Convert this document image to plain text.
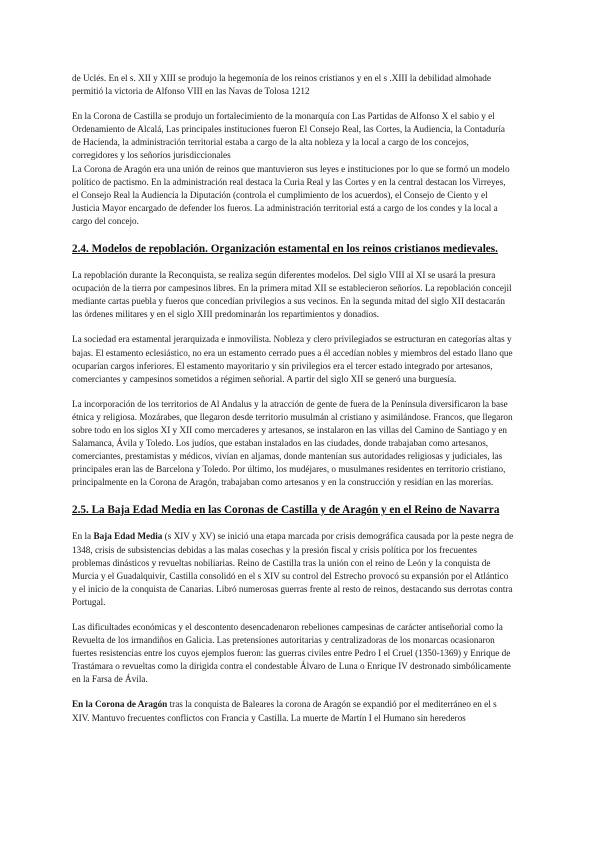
de Uclés. En el s. XII y XIII se produjo la hegemonía de los reinos cristianos y en el s .XIII la debilidad almohade permitió la victoria de Alfonso VIII en las Navas de Tolosa 1212

En la Corona de Castilla se produjo un fortalecimiento de la monarquía con Las Partidas de Alfonso X el sabio y el Ordenamiento de Alcalá, Las principales instituciones fueron El Consejo Real, las Cortes, la Audiencia, la Contaduría de Hacienda, la administración territorial estaba a cargo de la alta nobleza y la local a cargo de los concejos, corregidores y los señoríos jurisdiccionales

La Corona de Aragón era una unión de reinos que mantuvieron sus leyes e instituciones por lo que se formó un modelo político de pactismo. En la administración real destaca la Curia Real y las Cortes y en la central destacan los Virreyes, el Consejo Real la Audiencia la Diputación (controla el cumplimiento de los acuerdos), el Consejo de Ciento y el Justicia Mayor encargado de defender los fueros. La administración territorial está a cargo de los condes y la local a cargo del concejo.

2.4. Modelos de repoblación. Organización estamental en los reinos cristianos medievales.

La repoblación durante la Reconquista, se realiza según diferentes modelos. Del siglo VIII al XI se usará la presura ocupación de la tierra por campesinos libres. En la primera mitad XII se establecieron señoríos. La repoblación concejil mediante cartas puebla y fueros que concedían privilegios a sus vecinos. En la segunda mitad del siglo XII destacarán las órdenes militares y en el siglo XIII predominarán los repartimientos y donadíos.

La sociedad era estamental jerarquizada e inmovilista. Nobleza y clero privilegiados se estructuran en categorías altas y bajas. El estamento eclesiástico, no era un estamento cerrado pues a él accedían nobles y miembros del estado llano que ocuparían cargos inferiores. El estamento mayoritario y sin privilegios era el tercer estado integrado por artesanos, comerciantes y campesinos sometidos a régimen señorial. A partir del siglo XII se generó una burguesía.

La incorporación de los territorios de Al Andalus y la atracción de gente de fuera de la Península diversificaron la base étnica y religiosa. Mozárabes, que llegaron desde territorio musulmán al cristiano y asimilándose. Francos, que llegaron sobre todo en los siglos XI y XII como mercaderes y artesanos, se instalaron en las villas del Camino de Santiago y en Salamanca, Ávila y Toledo. Los judíos, que estaban instalados en las ciudades, donde trabajaban como artesanos, comerciantes, prestamistas y médicos, vivían en aljamas, donde mantenían sus autoridades religiosas y judiciales, las principales eran las de Barcelona y Toledo. Por último, los mudéjares, o musulmanes residentes en territorio cristiano, principalmente en la Corona de Aragón, trabajaban como artesanos y en la construcción y residían en las morerías.

2.5. La Baja Edad Media en las Coronas de Castilla y de Aragón y en el Reino de Navarra

En la Baja Edad Media (s XIV y XV) se inició una etapa marcada por crisis demográfica causada por la peste negra de 1348, crisis de subsistencias debidas a las malas cosechas y la presión fiscal y crisis política por los frecuentes problemas dinásticos y revueltas nobiliarias. Reino de Castilla tras la unión con el reino de León y la conquista de Murcia y el Guadalquivir, Castilla consolidó en el s XIV su control del Estrecho provocó su expansión por el Atlántico y el inicio de la conquista de Canarias. Libró numerosas guerras frente al resto de reinos, destacando sus derrotas contra Portugal.

Las dificultades económicas y el descontento desencadenaron rebeliones campesinas de carácter antiseñorial como la Revuelta de los irmandiños en Galicia. Las pretensiones autoritarias y centralizadoras de los monarcas ocasionaron fuertes resistencias entre los cuyos ejemplos fueron: las guerras civiles entre Pedro I el Cruel (1350-1369) y Enrique de Trastámara o revueltas como la dirigida contra el condestable Álvaro de Luna o Enrique IV destronado simbólicamente en la Farsa de Ávila.

En la Corona de Aragón tras la conquista de Baleares la corona de Aragón se expandió por el mediterráneo en el s XIV. Mantuvo frecuentes conflictos con Francia y Castilla. La muerte de Martín I el Humano sin herederos
